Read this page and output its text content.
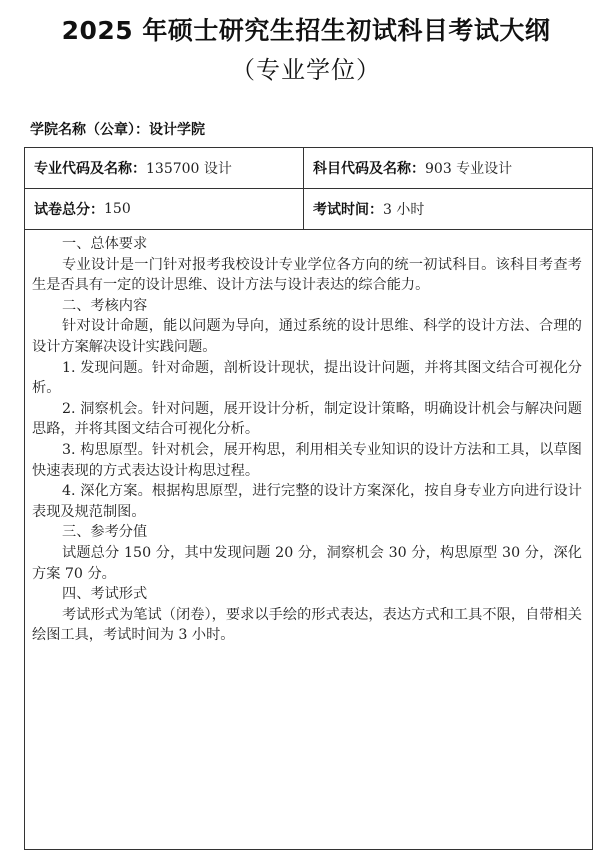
2025 年硕士研究生招生初试科目考试大纲
（专业学位）
学院名称（公章）：设计学院
专业代码及名称： 135700 设计	科目代码及名称： 903 专业设计
试卷总分： 150	考试时间： 3 小时

一、总体要求

专业设计是一门针对报考我校设计专业学位各方向的统一初试科目。该科目考查考生是否具有一定的设计思维、设计方法与设计表达的综合能力。

二、考核内容

针对设计命题，能以问题为导向，通过系统的设计思维、科学的设计方法、合理的设计方案解决设计实践问题。

1. 发现问题。针对命题，剖析设计现状，提出设计问题，并将其图文结合可视化分析。

2. 洞察机会。针对问题，展开设计分析，制定设计策略，明确设计机会与解决问题思路，并将其图文结合可视化分析。

3. 构思原型。针对机会，展开构思，利用相关专业知识的设计方法和工具，以草图快速表现的方式表达设计构思过程。

4. 深化方案。根据构思原型，进行完整的设计方案深化，按自身专业方向进行设计表现及规范制图。

三、参考分值

试题总分 150 分，其中发现问题 20 分，洞察机会 30 分，构思原型 30 分，深化方案 70 分。

四、考试形式

考试形式为笔试（闭卷），要求以手绘的形式表达，表达方式和工具不限，自带相关绘图工具，考试时间为 3 小时。
